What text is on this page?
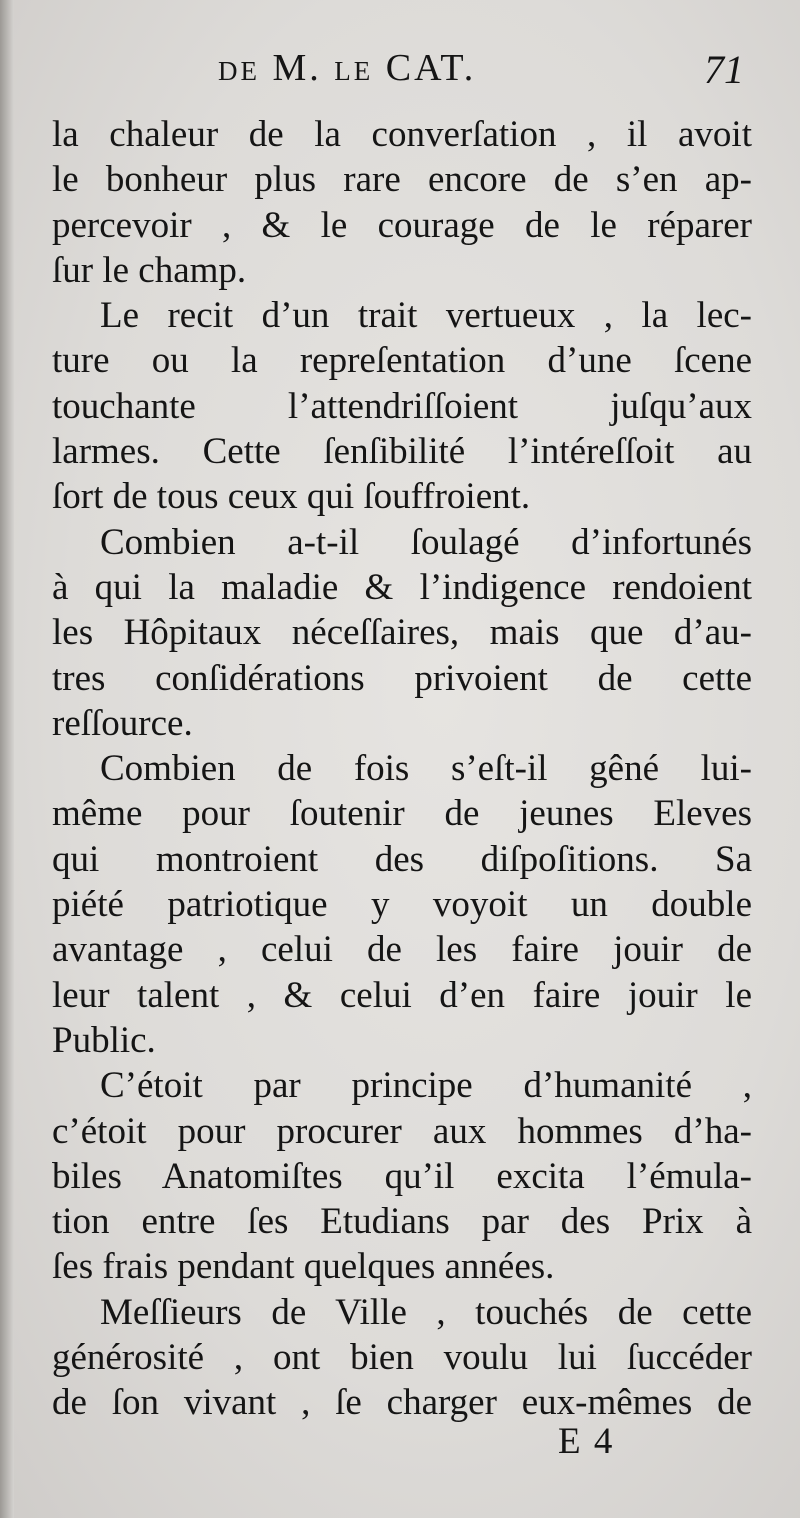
DE M. LE CAT.	71
la chaleur de la converſation , il avoit
le bonheur plus rare encore de s’en ap-
percevoir , & le courage de le réparer
ſur le champ.
Le recit d’un trait vertueux , la lec-
ture ou la repreſentation d’une ſcene
touchante l’attendriſſoient juſqu’aux
larmes. Cette ſenſibilité l’intéreſſoit au
ſort de tous ceux qui ſouffroient.
Combien a-t-il ſoulagé d’infortunés
à qui la maladie & l’indigence rendoient
les Hôpitaux néceſſaires, mais que d’au-
tres conſidérations privoient de cette
reſſource.
Combien de fois s’eſt-il gêné lui-
même pour ſoutenir de jeunes Eleves
qui montroient des diſpoſitions. Sa
piété patriotique y voyoit un double
avantage , celui de les faire jouir de
leur talent , & celui d’en faire jouir le
Public.
C’étoit par principe d’humanité ,
c’étoit pour procurer aux hommes d’ha-
biles Anatomiſtes qu’il excita l’émula-
tion entre ſes Etudians par des Prix à
ſes frais pendant quelques années.
Meſſieurs de Ville , touchés de cette
générosité , ont bien voulu lui ſuccéder
de ſon vivant , ſe charger eux-mêmes de
E 4
